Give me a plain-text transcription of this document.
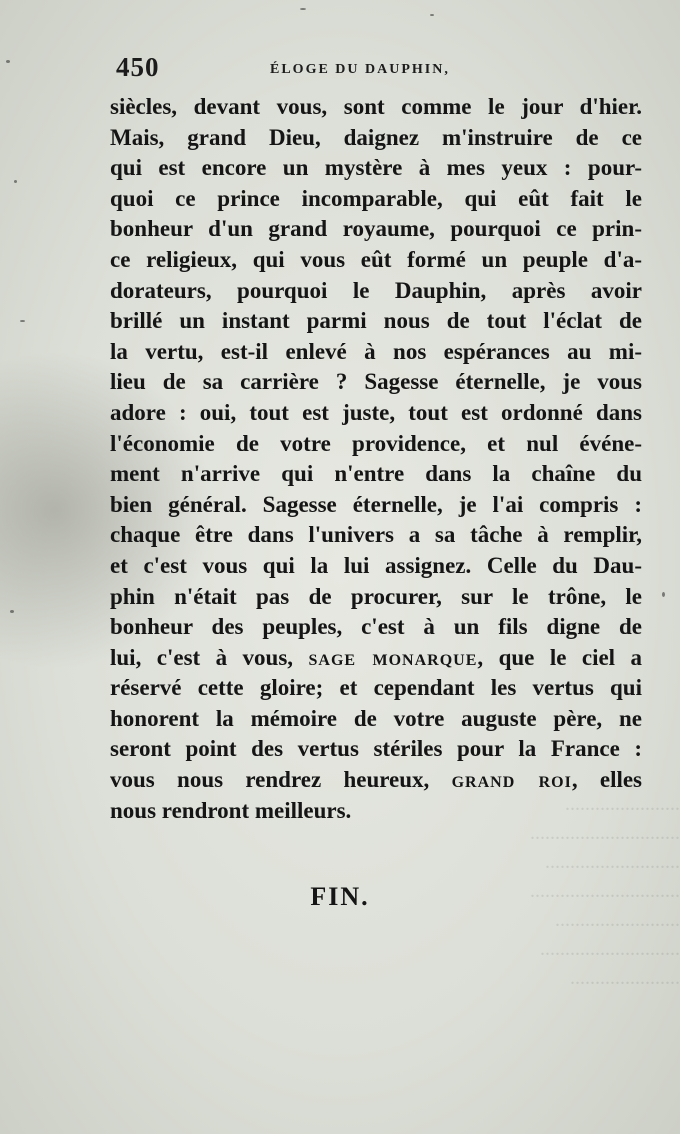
.......................
..............................
...........................
..............................
.........................
............................
......................
450	ÉLOGE DU DAUPHIN,
siècles, devant vous, sont comme le jour d'hier.
Mais, grand Dieu, daignez m'instruire de ce
qui est encore un mystère à mes yeux : pour-
quoi ce prince incomparable, qui eût fait le
bonheur d'un grand royaume, pourquoi ce prin-
ce religieux, qui vous eût formé un peuple d'a-
dorateurs, pourquoi le Dauphin, après avoir
brillé un instant parmi nous de tout l'éclat de
la vertu, est-il enlevé à nos espérances au mi-
lieu de sa carrière ? Sagesse éternelle, je vous
adore : oui, tout est juste, tout est ordonné dans
l'économie de votre providence, et nul événe-
ment n'arrive qui n'entre dans la chaîne du
bien général. Sagesse éternelle, je l'ai compris :
chaque être dans l'univers a sa tâche à remplir,
et c'est vous qui la lui assignez. Celle du Dau-
phin n'était pas de procurer, sur le trône, le
bonheur des peuples, c'est à un fils digne de
lui, c'est à vous, sage monarque, que le ciel a
réservé cette gloire; et cependant les vertus qui
honorent la mémoire de votre auguste père, ne
seront point des vertus stériles pour la France :
vous nous rendrez heureux, grand roi, elles
nous rendront meilleurs.
FIN.
